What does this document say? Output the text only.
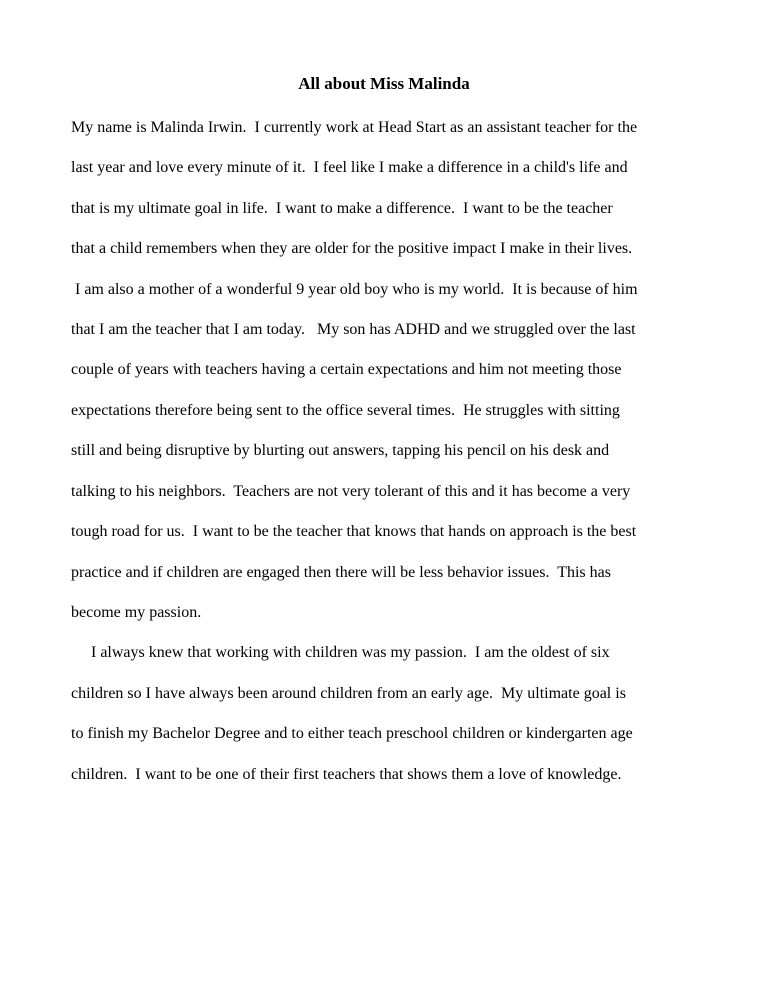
All about Miss Malinda
My name is Malinda Irwin.  I currently work at Head Start as an assistant teacher for the
last year and love every minute of it.  I feel like I make a difference in a child's life and
that is my ultimate goal in life.  I want to make a difference.  I want to be the teacher
that a child remembers when they are older for the positive impact I make in their lives.
I am also a mother of a wonderful 9 year old boy who is my world.  It is because of him
that I am the teacher that I am today.   My son has ADHD and we struggled over the last
couple of years with teachers having a certain expectations and him not meeting those
expectations therefore being sent to the office several times.  He struggles with sitting
still and being disruptive by blurting out answers, tapping his pencil on his desk and
talking to his neighbors.  Teachers are not very tolerant of this and it has become a very
tough road for us.  I want to be the teacher that knows that hands on approach is the best
practice and if children are engaged then there will be less behavior issues.  This has
become my passion.
I always knew that working with children was my passion.  I am the oldest of six
children so I have always been around children from an early age.  My ultimate goal is
to finish my Bachelor Degree and to either teach preschool children or kindergarten age
children.  I want to be one of their first teachers that shows them a love of knowledge.
